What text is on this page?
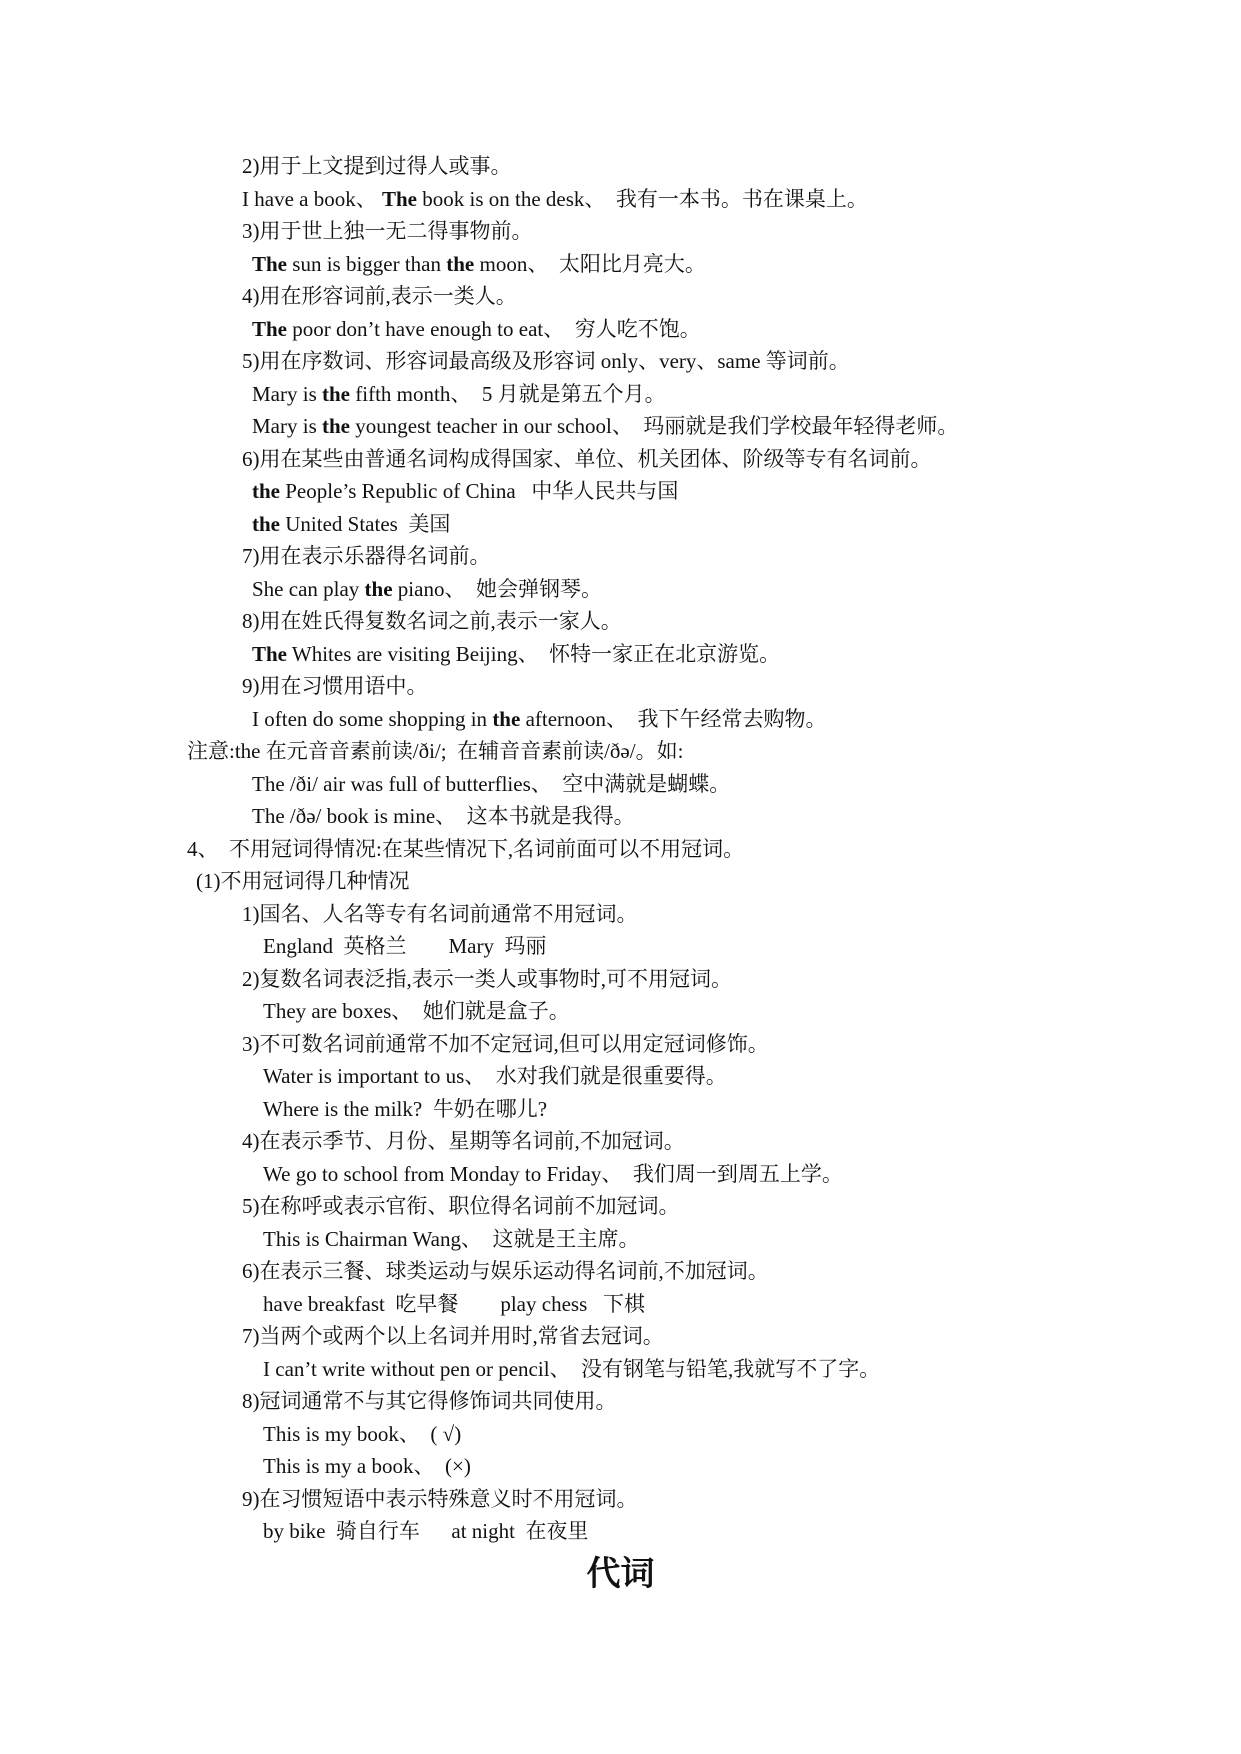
2)用于上文提到过得人或事。
I have a book、 The book is on the desk、  我有一本书。书在课桌上。
3)用于世上独一无二得事物前。
The sun is bigger than the moon、  太阳比月亮大。
4)用在形容词前,表示一类人。
The poor don’t have enough to eat、  穷人吃不饱。
5)用在序数词、形容词最高级及形容词 only、very、same 等词前。
Mary is the fifth month、  5 月就是第五个月。
Mary is the youngest teacher in our school、  玛丽就是我们学校最年轻得老师。
6)用在某些由普通名词构成得国家、单位、机关团体、阶级等专有名词前。
the People’s Republic of China   中华人民共与国
the United States  美国
7)用在表示乐器得名词前。
She can play the piano、  她会弹钢琴。
8)用在姓氏得复数名词之前,表示一家人。
The Whites are visiting Beijing、  怀特一家正在北京游览。
9)用在习惯用语中。
I often do some shopping in the afternoon、  我下午经常去购物。
注意:the 在元音音素前读/ði/;  在辅音音素前读/ðə/。如:
The /ði/ air was full of butterflies、  空中满就是蝴蝶。
The /ðə/ book is mine、  这本书就是我得。
4、  不用冠词得情况:在某些情况下,名词前面可以不用冠词。
(1)不用冠词得几种情况
1)国名、人名等专有名词前通常不用冠词。
England  英格兰        Mary  玛丽
2)复数名词表泛指,表示一类人或事物时,可不用冠词。
They are boxes、  她们就是盒子。
3)不可数名词前通常不加不定冠词,但可以用定冠词修饰。
Water is important to us、  水对我们就是很重要得。
Where is the milk?  牛奶在哪儿?
4)在表示季节、月份、星期等名词前,不加冠词。
We go to school from Monday to Friday、  我们周一到周五上学。
5)在称呼或表示官衔、职位得名词前不加冠词。
This is Chairman Wang、  这就是王主席。
6)在表示三餐、球类运动与娱乐运动得名词前,不加冠词。
have breakfast  吃早餐        play chess   下棋
7)当两个或两个以上名词并用时,常省去冠词。
I can’t write without pen or pencil、  没有钢笔与铅笔,我就写不了字。
8)冠词通常不与其它得修饰词共同使用。
This is my book、  ( √)
This is my a book、  (×)
9)在习惯短语中表示特殊意义时不用冠词。
by bike  骑自行车      at night  在夜里
代词
